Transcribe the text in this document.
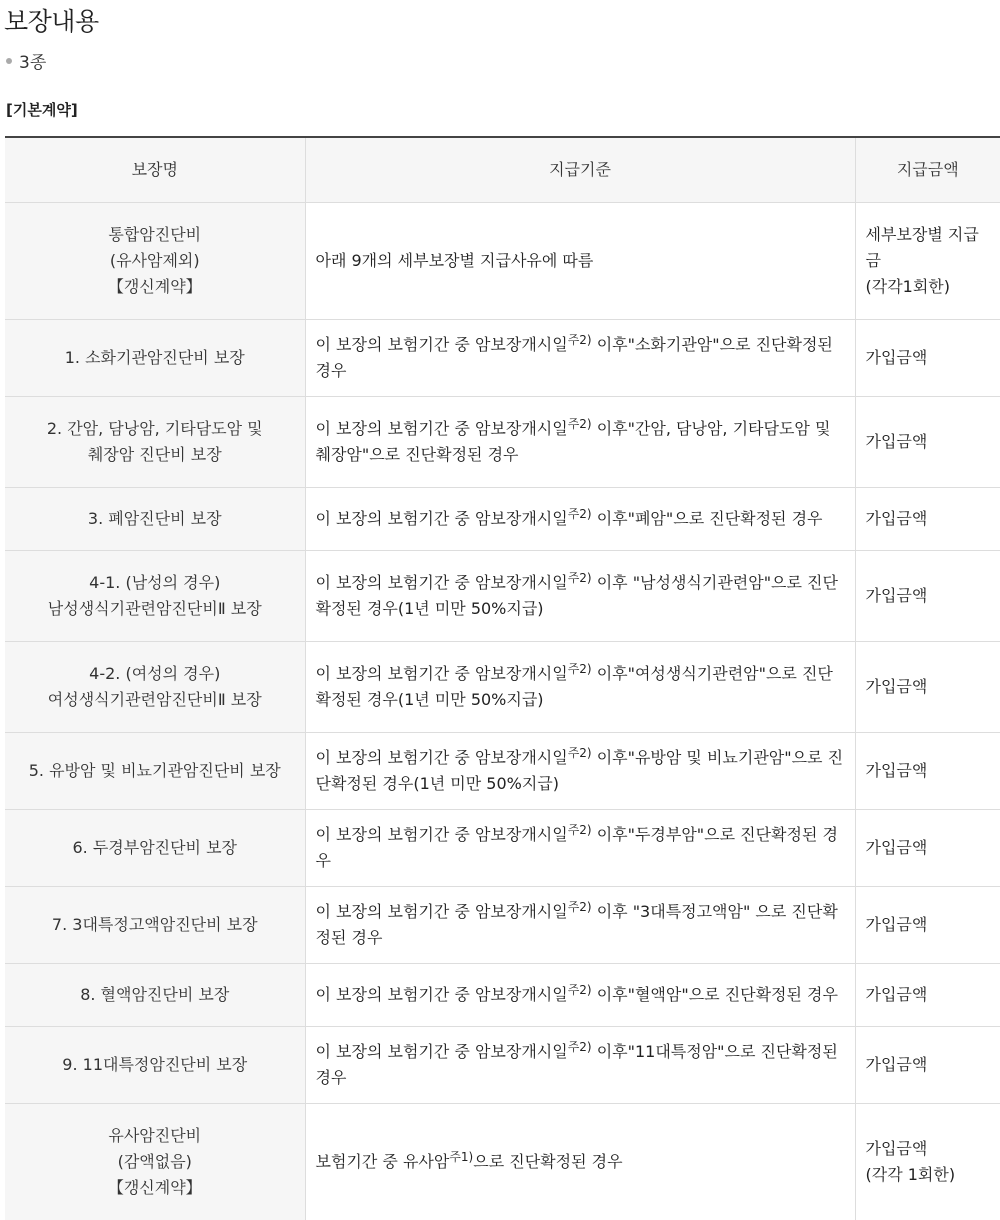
보장내용
3종
[기본계약]
보장명	지급기준	지급금액

통합암진단비
(유사암제외)
【갱신계약】	아래 9개의 세부보장별 지급사유에 따름	세부보장별 지급금
(각각1회한)

1. 소화기관암진단비 보장	이 보장의 보험기간 중 암보장개시일$^{주2)}$ 이후"소화기관암"으로 진단확정된 경우	가입금액

2. 간암, 담낭암, 기타담도암 및
췌장암 진단비 보장	이 보장의 보험기간 중 암보장개시일$^{주2)}$ 이후"간암, 담낭암, 기타담도암 및 췌장암"으로 진단확정된 경우	가입금액

3. 폐암진단비 보장	이 보장의 보험기간 중 암보장개시일$^{주2)}$ 이후"폐암"으로 진단확정된 경우	가입금액

4-1. (남성의 경우)
남성생식기관련암진단비Ⅱ 보장	이 보장의 보험기간 중 암보장개시일$^{주2)}$ 이후 "남성생식기관련암"으로 진단확정된 경우(1년 미만 50%지급)	가입금액

4-2. (여성의 경우)
여성생식기관련암진단비Ⅱ 보장	이 보장의 보험기간 중 암보장개시일$^{주2)}$ 이후"여성생식기관련암"으로 진단확정된 경우(1년 미만 50%지급)	가입금액

5. 유방암 및 비뇨기관암진단비 보장	이 보장의 보험기간 중 암보장개시일$^{주2)}$ 이후"유방암 및 비뇨기관암"으로 진단확정된 경우(1년 미만 50%지급)	가입금액

6. 두경부암진단비 보장	이 보장의 보험기간 중 암보장개시일$^{주2)}$ 이후"두경부암"으로 진단확정된 경우	가입금액

7. 3대특정고액암진단비 보장	이 보장의 보험기간 중 암보장개시일$^{주2)}$ 이후 "3대특정고액암" 으로 진단확정된 경우	가입금액

8. 혈액암진단비 보장	이 보장의 보험기간 중 암보장개시일$^{주2)}$ 이후"혈액암"으로 진단확정된 경우	가입금액

9. 11대특정암진단비 보장	이 보장의 보험기간 중 암보장개시일$^{주2)}$ 이후"11대특정암"으로 진단확정된 경우	가입금액

유사암진단비
(감액없음)
【갱신계약】	보험기간 중 유사암$^{주1)}$으로 진단확정된 경우	가입금액
(각각 1회한)
